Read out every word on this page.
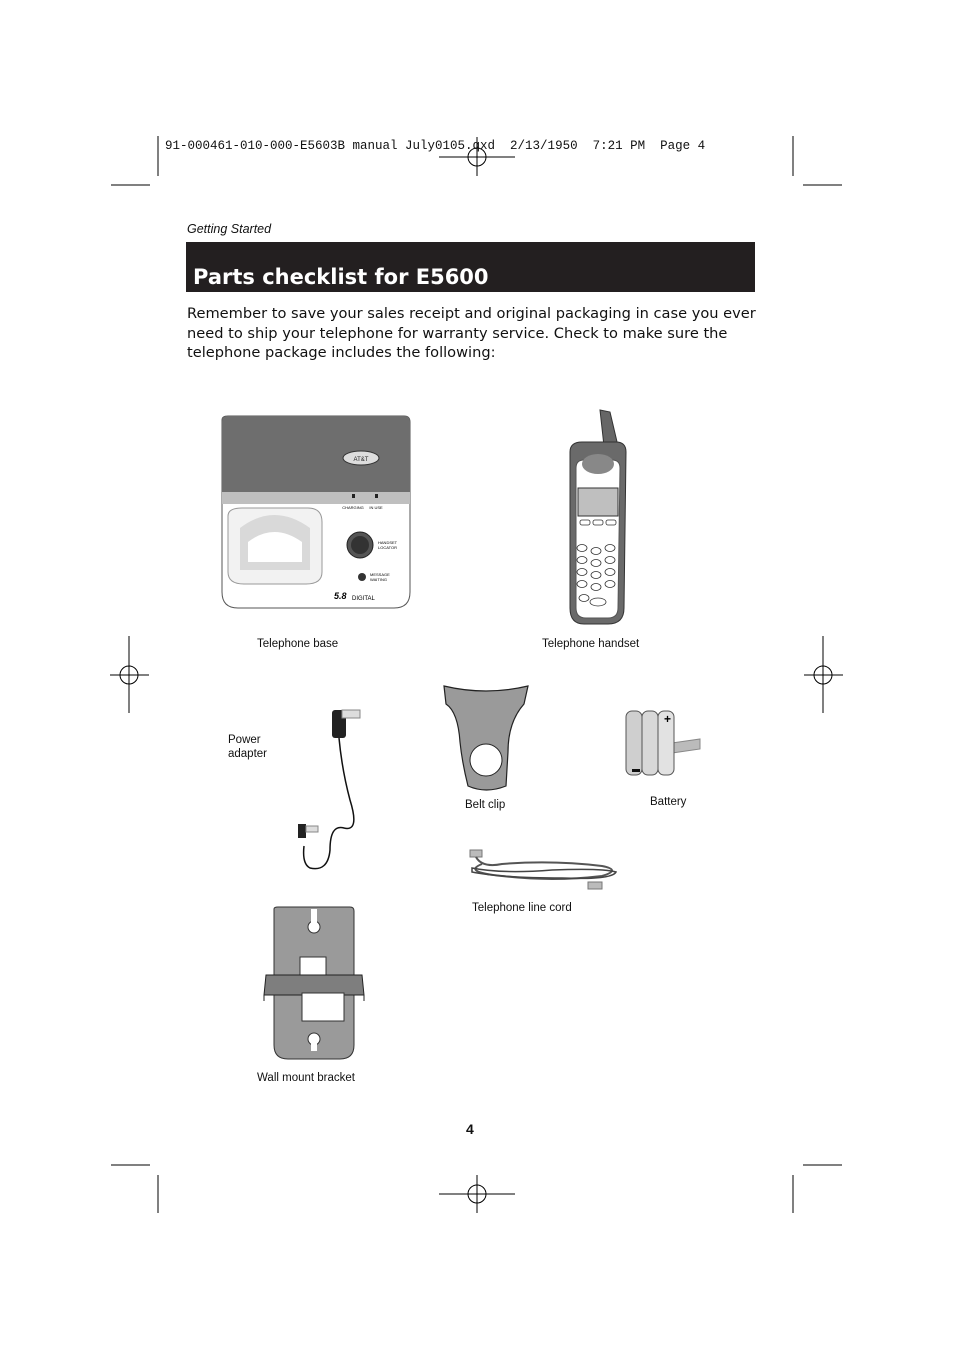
91-000461-010-000-E5603B manual July0105.qxd  2/13/1950  7:21 PM  Page 4
Getting Started
Parts checklist for E5600
Remember to save your sales receipt and original packaging in case you ever need to ship your telephone for warranty service. Check to make sure the telephone package includes the following:
AT&T
CHARGING IN USE
HANDSET
LOCATOR
MESSAGE
WAITING
5.8 DIGITAL
+
Telephone base	Telephone handset
Power
adapter
Belt clip	Battery
Telephone line cord
Wall mount bracket
4
